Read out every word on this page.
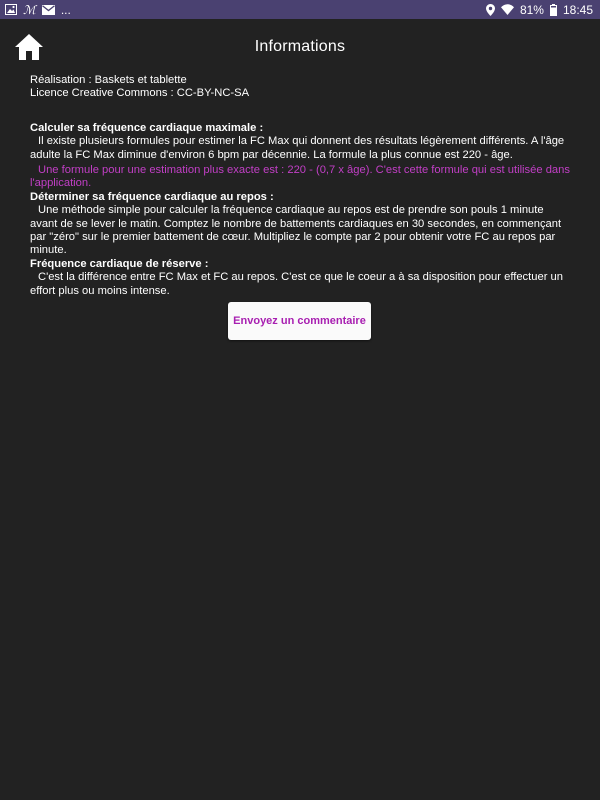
ℳ ...	81% 18:45
Informations

Réalisation : Baskets et tablette

Licence Creative Commons : CC-BY-NC-SA

Calculer sa fréquence cardiaque maximale :

Il existe plusieurs formules pour estimer la FC Max qui donnent des résultats légèrement différents. A l'âge adulte la FC Max diminue d'environ 6 bpm par décennie. La formule la plus connue est 220 - âge.

Une formule pour une estimation plus exacte est : 220 - (0,7 x âge). C'est cette formule qui est utilisée dans l'application.

Déterminer sa fréquence cardiaque au repos :

Une méthode simple pour calculer la fréquence cardiaque au repos est de prendre son pouls 1 minute avant de se lever le matin. Comptez le nombre de battements cardiaques en 30 secondes, en commençant par "zéro" sur le premier battement de cœur. Multipliez le compte par 2 pour obtenir votre FC au repos par minute.

Fréquence cardiaque de réserve :

C'est la différence entre FC Max et FC au repos. C'est ce que le coeur a à sa disposition pour effectuer un effort plus ou moins intense.

Envoyez un commentaire
